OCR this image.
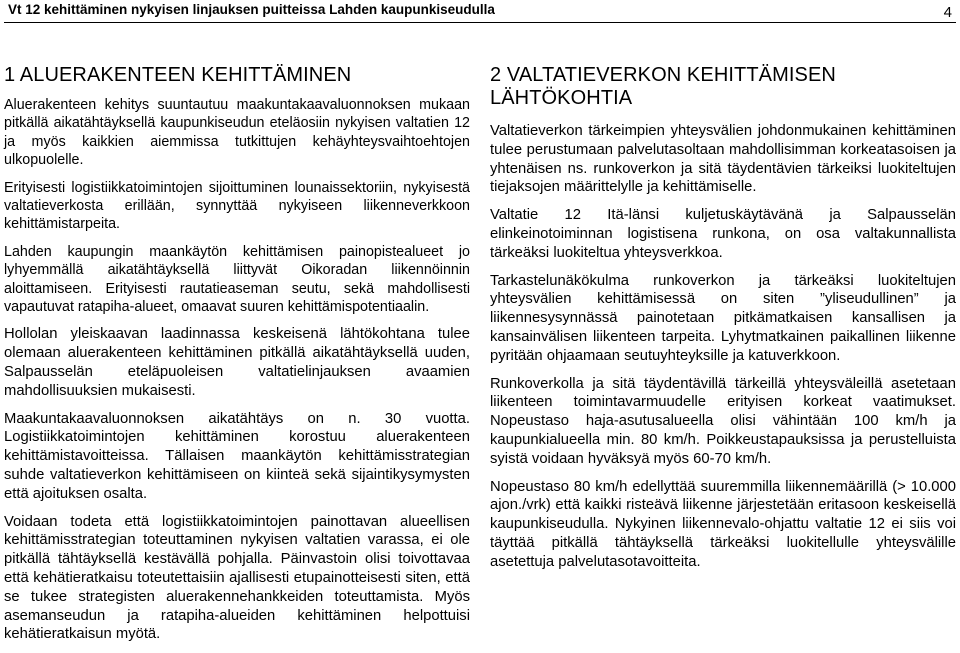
Vt 12 kehittäminen nykyisen linjauksen puitteissa Lahden kaupunkiseudulla	4
1 ALUERAKENTEEN KEHITTÄMINEN

Aluerakenteen kehitys suuntautuu maakuntakaavaluonnoksen mukaan pitkällä aikatähtäyksellä kaupunkiseudun eteläosiin nykyisen valtatien 12 ja myös kaikkien aiemmissa tutkittujen kehäyhteysvaihtoehtojen ulkopuolelle.

Erityisesti logistiikkatoimintojen sijoittuminen lounaissektoriin, nykyisestä valtatieverkosta erillään, synnyttää nykyiseen liikenneverkkoon kehittämistarpeita.

Lahden kaupungin maankäytön kehittämisen painopistealueet jo lyhyemmällä aikatähtäyksellä liittyvät Oikoradan liikennöinnin aloittamiseen. Erityisesti rautatieaseman seutu, sekä mahdollisesti vapautuvat ratapiha-alueet, omaavat suuren kehittämispotentiaalin.

Hollolan yleiskaavan laadinnassa keskeisenä lähtökohtana tulee olemaan aluerakenteen kehittäminen pitkällä aikatähtäyksellä uuden, Salpausselän eteläpuoleisen valtatielinjauksen avaamien mahdollisuuksien mukaisesti.

Maakuntakaavaluonnoksen aikatähtäys on n. 30 vuotta. Logistiikkatoimintojen kehittäminen korostuu aluerakenteen kehittämistavoitteissa. Tällaisen maankäytön kehittämisstrategian suhde valtatieverkon kehittämiseen on kiinteä sekä sijaintikysymysten että ajoituksen osalta.

Voidaan todeta että logistiikkatoimintojen painottavan alueellisen kehittämisstrategian toteuttaminen nykyisen valtatien varassa, ei ole pitkällä tähtäyksellä kestävällä pohjalla. Päinvastoin olisi toivottavaa että kehätieratkaisu toteutettaisiin ajallisesti etupainotteisesti siten, että se tukee strategisten aluerakennehankkeiden toteuttamista. Myös asemanseudun ja ratapiha-alueiden kehittäminen helpottuisi kehätieratkaisun myötä.

2 VALTATIEVERKON KEHITTÄMISEN LÄHTÖKOHTIA

Valtatieverkon tärkeimpien yhteysvälien johdonmukainen kehittäminen tulee perustumaan palvelutasoltaan mahdollisimman korkeatasoisen ja yhtenäisen ns. runkoverkon ja sitä täydentävien tärkeiksi luokiteltujen tiejaksojen määrittelylle ja kehittämiselle.

Valtatie 12 Itä-länsi kuljetuskäytävänä ja Salpausselän elinkeinotoiminnan logistisena runkona, on osa valtakunnallista tärkeäksi luokiteltua yhteysverkkoa.

Tarkastelunäkökulma runkoverkon ja tärkeäksi luokiteltujen yhteysvälien kehittämisessä on siten ”yliseudullinen” ja liikennesysynnässä painotetaan pitkämatkaisen kansallisen ja kansainvälisen liikenteen tarpeita. Lyhytmatkainen paikallinen liikenne pyritään ohjaamaan seutuyhteyksille ja katuverkkoon.

Runkoverkolla ja sitä täydentävillä tärkeillä yhteysväleillä asetetaan liikenteen toimintavarmuudelle erityisen korkeat vaatimukset. Nopeustaso haja-asutusalueella olisi vähintään 100 km/h ja kaupunkialueella min. 80 km/h. Poikkeustapauksissa ja perustelluista syistä voidaan hyväksyä myös 60-70 km/h.

Nopeustaso 80 km/h edellyttää suuremmilla liikennemäärillä (> 10.000 ajon./vrk) että kaikki risteävä liikenne järjestetään eritasoon keskeisellä kaupunkiseudulla. Nykyinen liikennevalo-ohjattu valtatie 12 ei siis voi täyttää pitkällä tähtäyksellä tärkeäksi luokitellulle yhteysvälille asetettuja palvelutasotavoitteita.
